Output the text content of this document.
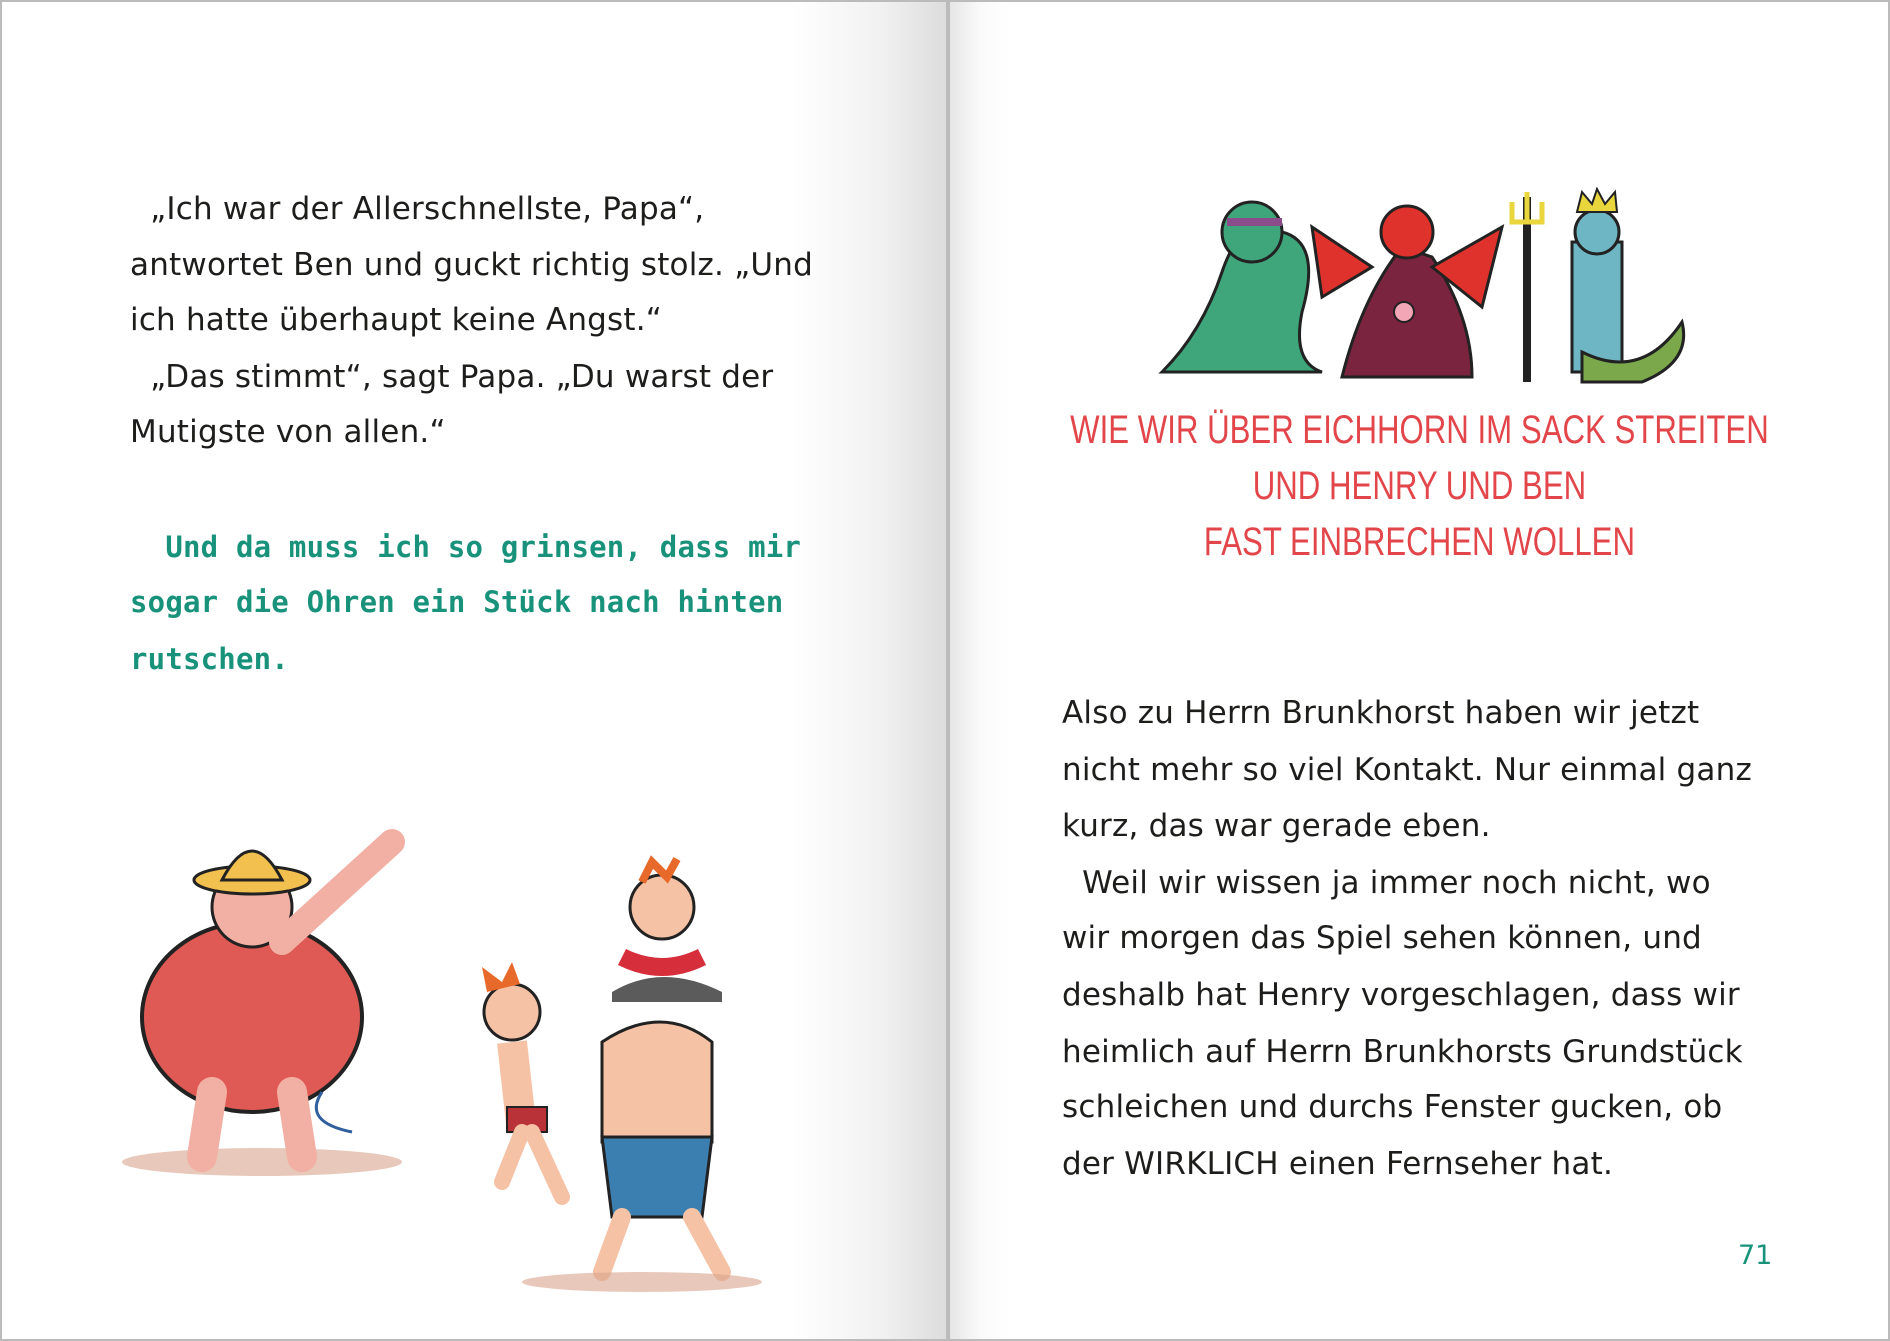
„Ich war der Allerschnellste, Papa“,
antwortet Ben und guckt richtig stolz. „Und
ich hatte überhaupt keine Angst.“
„Das stimmt“, sagt Papa. „Du warst der
Mutigste von allen.“
Und da muss ich so grinsen, dass mir
sogar die Ohren ein Stück nach hinten
rutschen.
WIE WIR ÜBER EICHHORN IM SACK STREITEN
UND HENRY UND BEN
FAST EINBRECHEN WOLLEN
Also zu Herrn Brunkhorst haben wir jetzt
nicht mehr so viel Kontakt. Nur einmal ganz
kurz, das war gerade eben.
Weil wir wissen ja immer noch nicht, wo
wir morgen das Spiel sehen können, und
deshalb hat Henry vorgeschlagen, dass wir
heimlich auf Herrn Brunkhorsts Grundstück
schleichen und durchs Fenster gucken, ob
der WIRKLICH einen Fernseher hat.
71
